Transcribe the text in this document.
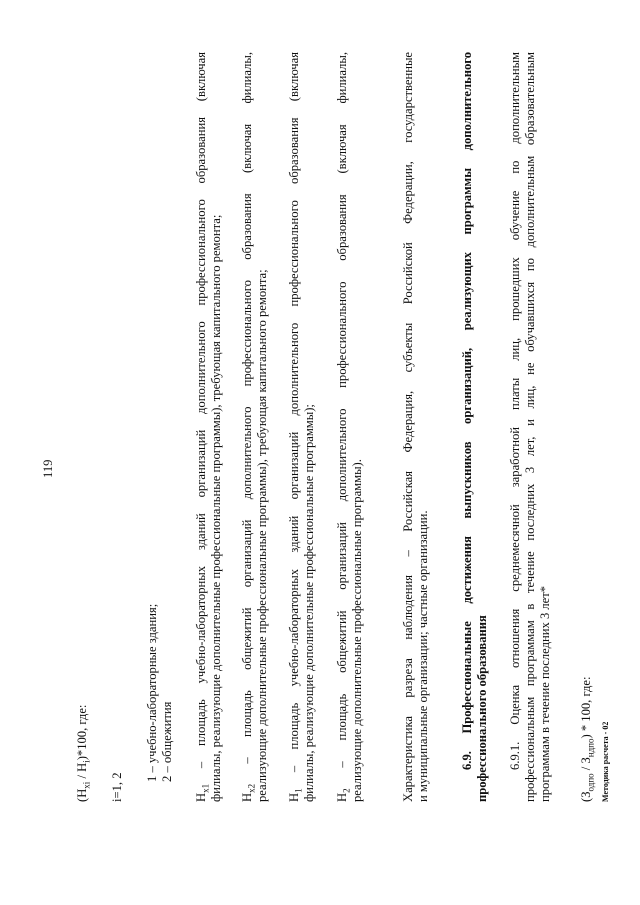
119
$(Н_{xi} / Н_i)*100$, где:
i=1, 2
1 – учебно-лабораторные здания; 2 – общежития
$Н_{x1}$ – площадь учебно-лабораторных зданий организаций дополнительного профессионального образования (включая филиалы, реализующие дополнительные профессиональные программы), требующая капитального ремонта; $Н_{x2}$ – площадь общежитий организаций дополнительного профессионального образования (включая филиалы, реализующие дополнительные профессиональные программы), требующая капитального ремонта; $Н_1$ – площадь учебно-лабораторных зданий организаций дополнительного профессионального образования (включая филиалы, реализующие дополнительные профессиональные программы); $Н_2$ – площадь общежитий организаций дополнительного профессионального образования (включая филиалы, реализующие дополнительные профессиональные программы).	Характеристика разреза наблюдения – Российская Федерация, субъекты Российской Федерации, государственные и муниципальные организации; частные организации. 6.9. Профессиональные достижения выпускников организаций, реализующих программы дополнительного профессионального образования 6.9.1. Оценка отношения среднемесячной заработной платы лиц, прошедших обучение по дополнительным профессиональным программам в течение последних 3 лет, и лиц, не обучавшихся по дополнительным образовательным программам в течение последних 3 лет* $(З_{одпо} / З_{ндпо}) * 100$, где:
Методика расчета - 02
